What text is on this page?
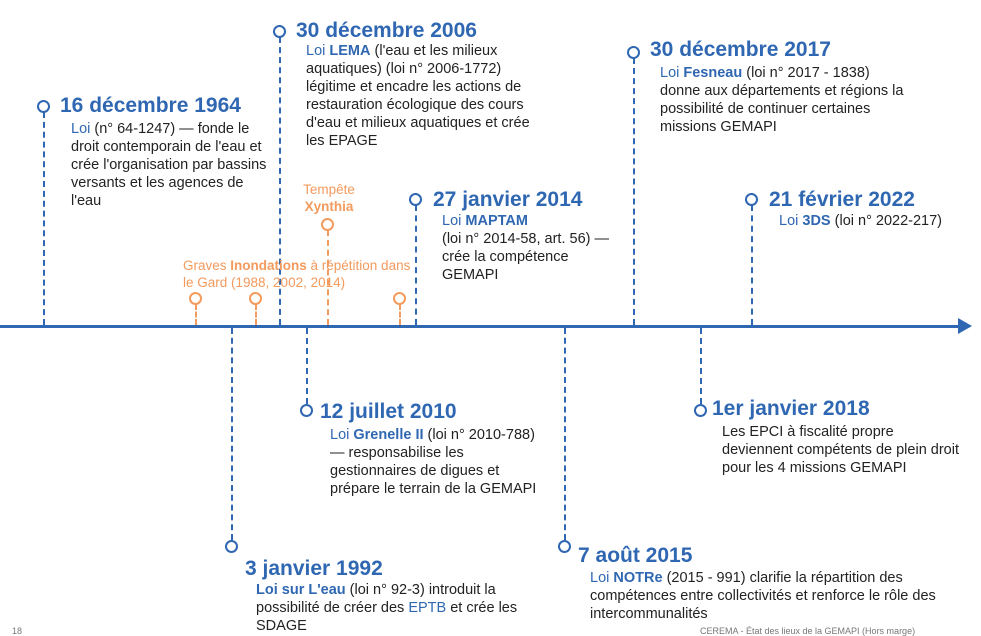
16 décembre 1964

Loi (n° 64-1247) — fonde le droit contemporain de l'eau et crée l'organisation par bassins versants et les agences de l'eau

30 décembre 2006

Loi LEMA (l'eau et les milieux aquatiques) (loi n° 2006-1772) légitime et encadre les actions de restauration écologique des cours d'eau et milieux aquatiques et crée les EPAGE

27 janvier 2014

Loi MAPTAM
(loi n° 2014-58, art. 56) — crée la compétence GEMAPI

30 décembre 2017

Loi Fesneau (loi n° 2017 - 1838) donne aux départements et régions la possibilité de continuer certaines missions GEMAPI

21 février 2022

Loi 3DS (loi n° 2022-217)

Tempête
Xynthia

Graves Inondations à répétition dans le Gard (1988, 2002, 2014)

3 janvier 1992

Loi sur L'eau (loi n° 92-3) introduit la possibilité de créer des EPTB et crée les SDAGE

12 juillet 2010

Loi Grenelle II (loi n° 2010-788) — responsabilise les gestionnaires de digues et prépare le terrain de la GEMAPI

7 août 2015

Loi NOTRe (2015 - 991) clarifie la répartition des compétences entre collectivités et renforce le rôle des intercommunalités

1er janvier 2018

Les EPCI à fiscalité propre deviennent compétents de plein droit pour les 4 missions GEMAPI

18	CEREMA - État des lieux de la GEMAPI (Hors marge)
